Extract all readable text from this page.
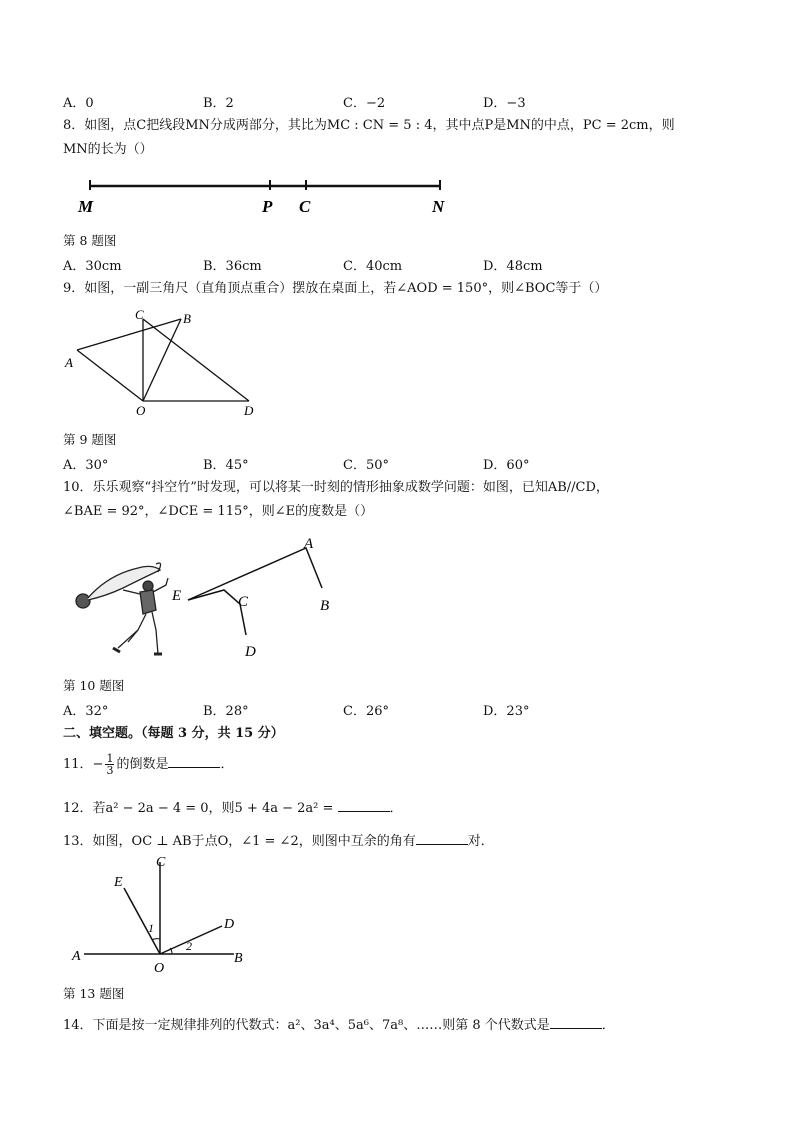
A．0	B．2	C．−2	D．−3
8．如图，点C把线段MN分成两部分，其比为MC : CN = 5 : 4，其中点P是MN的中点，PC = 2cm，则
MN的长为（）
M	P C	N
第 8 题图
A．30cm	B．36cm	C．40cm	D．48cm
9．如图，一副三角尺（直角顶点重合）摆放在桌面上，若∠AOD = 150°，则∠BOC等于（）
A
B
C
O	D
第 9 题图
A．30°	B．45°	C．50°	D．60°
10．乐乐观察“抖空竹”时发现，可以将某一时刻的情形抽象成数学问题：如图，已知AB//CD，
∠BAE = 92°，∠DCE = 115°，则∠E的度数是（）
A
B
C
D
E
第 10 题图
A．32°	B．28°	C．26°	D．23°
二、填空题。（每题 3 分，共 15 分）
11．− $\frac{1}{3}$ 的倒数是	．
12．若a² − 2a − 4 = 0，则5 + 4a − 2a² =	．
13．如图，OC ⊥ AB于点O，∠1 = ∠2，则图中互余的角有	对．
C
E
D
A
O
B
1
2
第 13 题图
14．下面是按一定规律排列的代数式：a²、3a⁴、5a⁶、7a⁸、……则第 8 个代数式是	．
